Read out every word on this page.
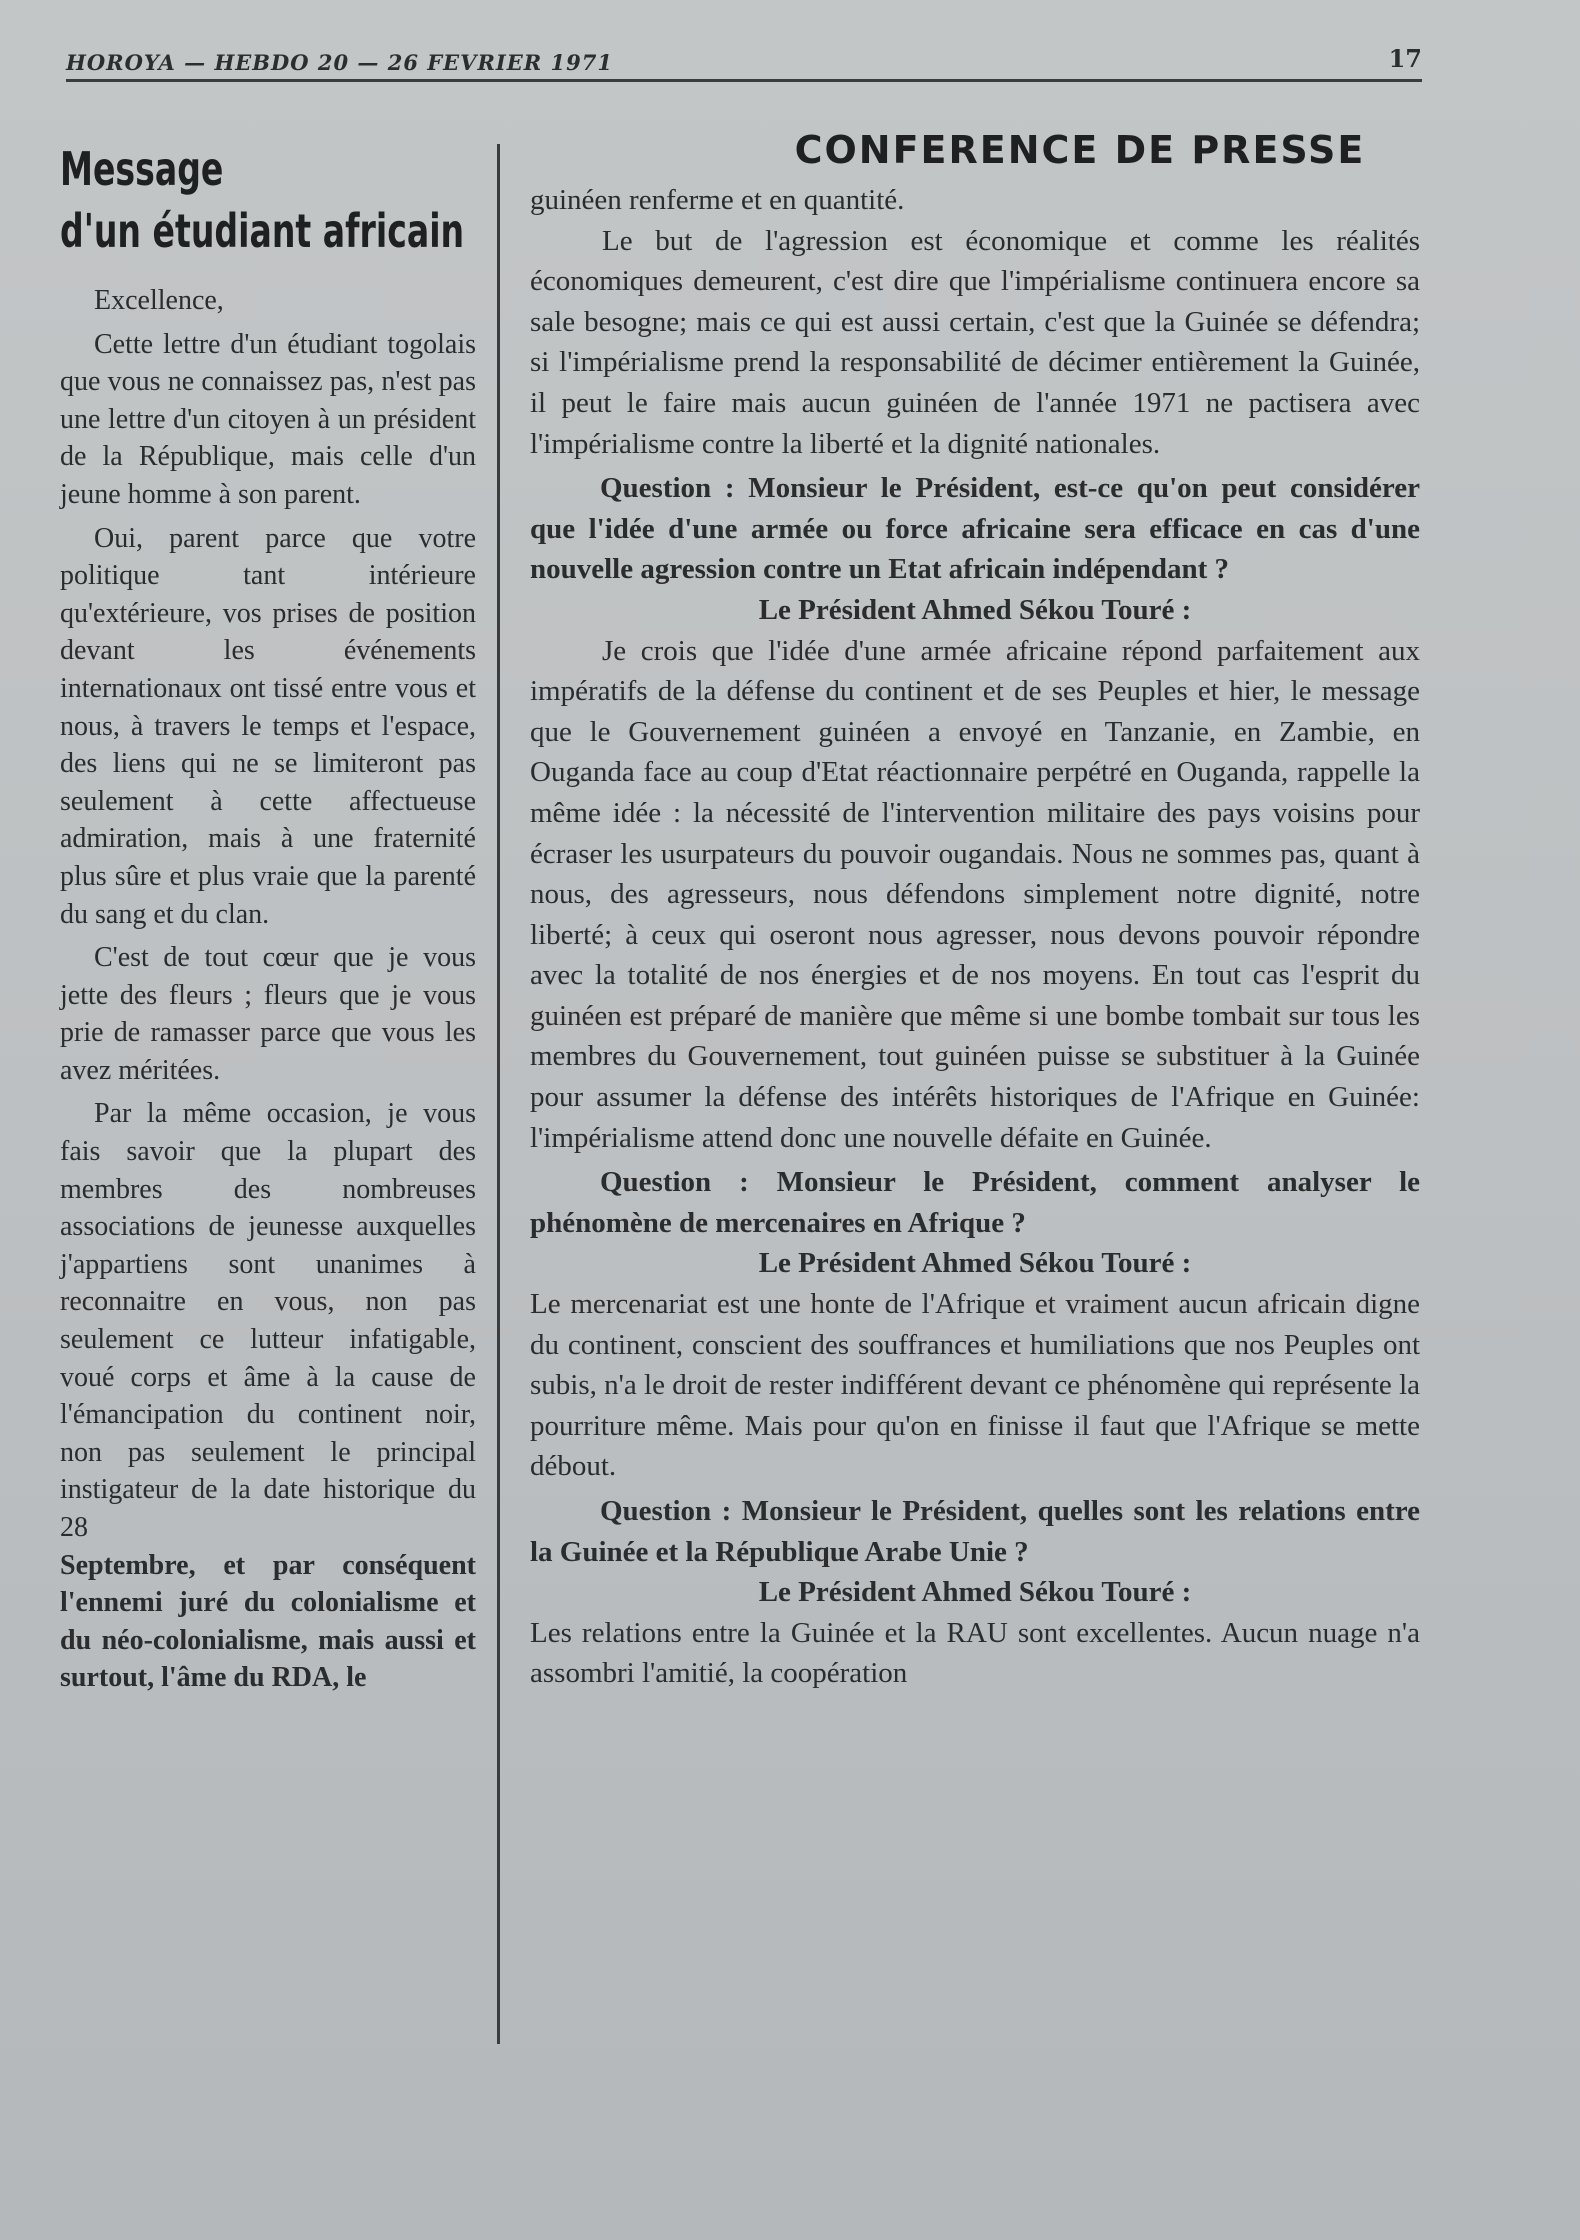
HOROYA — HEBDO 20 — 26 FEVRIER 1971	17
Message
d'un étudiant africain

Excellence,

Cette lettre d'un étudiant togolais que vous ne connaissez pas, n'est pas une lettre d'un citoyen à un président de la République, mais celle d'un jeune homme à son parent.

Oui, parent parce que votre politique tant intérieure qu'extérieure, vos prises de position devant les événements internationaux ont tissé entre vous et nous, à travers le temps et l'espace, des liens qui ne se limiteront pas seulement à cette affectueuse admiration, mais à une fraternité plus sûre et plus vraie que la parenté du sang et du clan.

C'est de tout cœur que je vous jette des fleurs ; fleurs que je vous prie de ramasser parce que vous les avez méritées.

Par la même occasion, je vous fais savoir que la plupart des membres des nombreuses associations de jeunesse auxquelles j'appartiens sont unanimes à reconnaitre en vous, non pas seulement ce lutteur infatigable, voué corps et âme à la cause de l'émancipation du continent noir, non pas seulement le principal instigateur de la date historique du 28

Septembre, et par conséquent l'ennemi juré du colonialisme et du néo-colonialisme, mais aussi et surtout, l'âme du RDA, le

CONFERENCE DE PRESSE

guinéen renferme et en quantité.

Le but de l'agression est économique et comme les réalités économiques demeurent, c'est dire que l'impérialisme continuera encore sa sale besogne; mais ce qui est aussi certain, c'est que la Guinée se défendra; si l'impérialisme prend la responsabilité de décimer entièrement la Guinée, il peut le faire mais aucun guinéen de l'année 1971 ne pactisera avec l'impérialisme contre la liberté et la dignité nationales.

Question : Monsieur le Président, est-ce qu'on peut considérer que l'idée d'une armée ou force africaine sera efficace en cas d'une nouvelle agression contre un Etat africain indépendant ?

Le Président Ahmed Sékou Touré :

Je crois que l'idée d'une armée africaine répond parfaitement aux impératifs de la défense du continent et de ses Peuples et hier, le message que le Gouvernement guinéen a envoyé en Tanzanie, en Zambie, en Ouganda face au coup d'Etat réactionnaire perpétré en Ouganda, rappelle la même idée : la nécessité de l'intervention militaire des pays voisins pour écraser les usurpateurs du pouvoir ougandais. Nous ne sommes pas, quant à nous, des agresseurs, nous défendons simplement notre dignité, notre liberté; à ceux qui oseront nous agresser, nous devons pouvoir répondre avec la totalité de nos énergies et de nos moyens. En tout cas l'esprit du guinéen est préparé de manière que même si une bombe tombait sur tous les membres du Gouvernement, tout guinéen puisse se substituer à la Guinée pour assumer la défense des intérêts historiques de l'Afrique en Guinée: l'impérialisme attend donc une nouvelle défaite en Guinée.

Question : Monsieur le Président, comment analyser le phénomène de mercenaires en Afrique ?

Le Président Ahmed Sékou Touré :

Le mercenariat est une honte de l'Afrique et vraiment aucun africain digne du continent, conscient des souffrances et humiliations que nos Peuples ont subis, n'a le droit de rester indifférent devant ce phénomène qui représente la pourriture même. Mais pour qu'on en finisse il faut que l'Afrique se mette débout.

Question : Monsieur le Président, quelles sont les relations entre la Guinée et la République Arabe Unie ?

Le Président Ahmed Sékou Touré :

Les relations entre la Guinée et la RAU sont excellentes. Aucun nuage n'a assombri l'amitié, la coopération
